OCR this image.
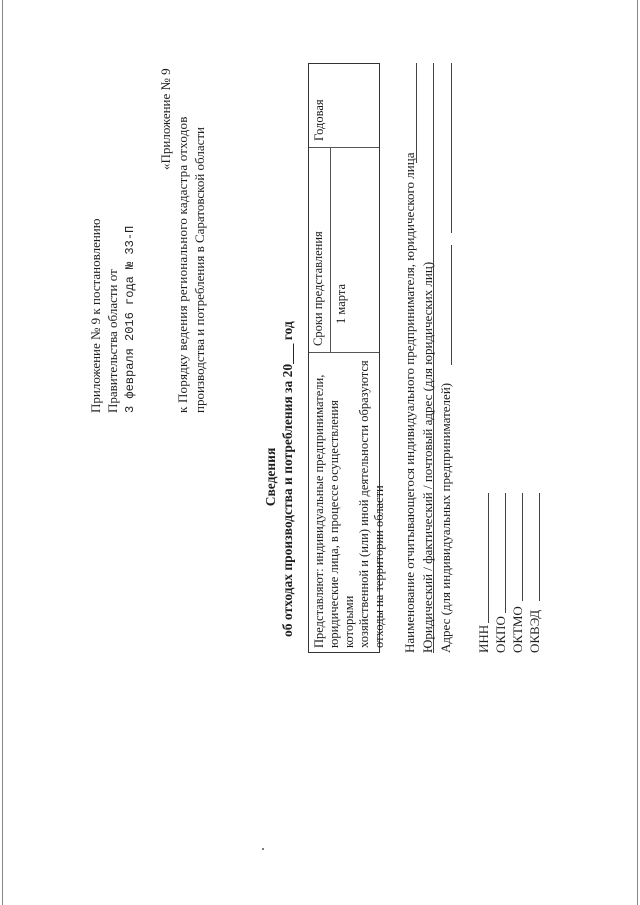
Приложение № 9 к постановлению Правительства области от 3 февраля 2016 года № 33-П
«Приложение № 9 к Порядку ведения регионального кадастра отходов производства и потребления в Саратовской области
Сведения об отходах производства и потребления за 20___ год Представляют: индивидуальные предприниматели, юридические лица, в процессе осуществления которыми хозяйственной и (или) иной деятельности образуются отходы на территории области
Сроки представления 1 марта
Годовая
Наименование отчитывающегося индивидуального предпринимателя, юридического лица Юридический / фактический / почтовый адрес (для юридических лиц) Адрес (для индивидуальных предпринимателей) ИНН ОКПО ОКТМО ОКВЭД
